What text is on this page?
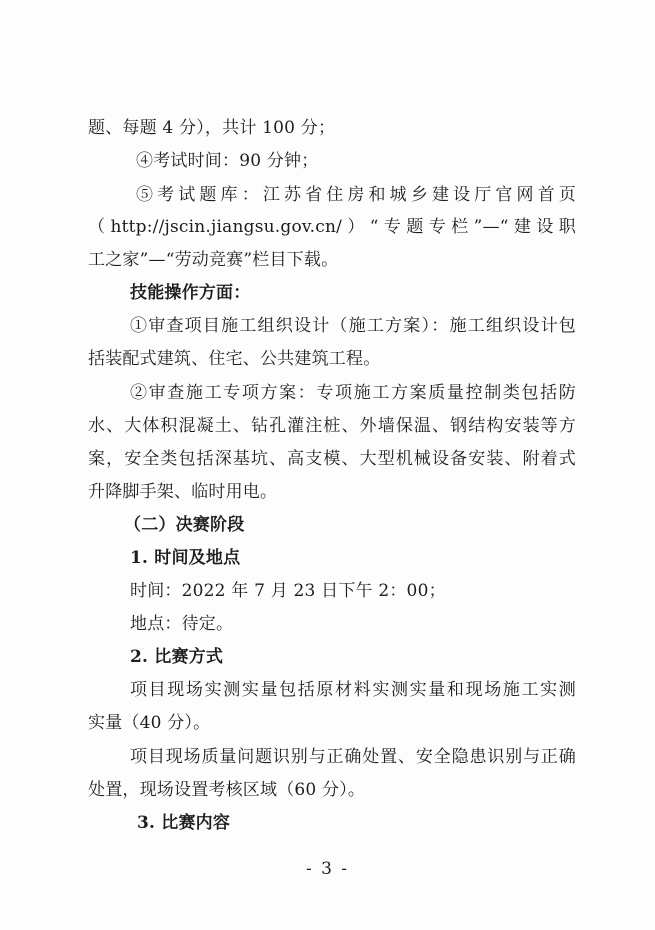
题、每题 4 分），共计 100 分；
④考试时间：90 分钟；
⑤考试题库：江苏省住房和城乡建设厅官网首页
（http://jscin.jiangsu.gov.cn/）“专题专栏”—“建设职
工之家”—“劳动竞赛”栏目下载。
技能操作方面：
①审查项目施工组织设计（施工方案）：施工组织设计包
括装配式建筑、住宅、公共建筑工程。
②审查施工专项方案：专项施工方案质量控制类包括防
水、大体积混凝土、钻孔灌注桩、外墙保温、钢结构安装等方
案，安全类包括深基坑、高支模、大型机械设备安装、附着式
升降脚手架、临时用电。
（二）决赛阶段
1. 时间及地点
时间：2022 年 7 月 23 日下午 2：00；
地点：待定。
2. 比赛方式
项目现场实测实量包括原材料实测实量和现场施工实测
实量（40 分）。
项目现场质量问题识别与正确处置、安全隐患识别与正确
处置，现场设置考核区域（60 分）。
3. 比赛内容
- 3 -
